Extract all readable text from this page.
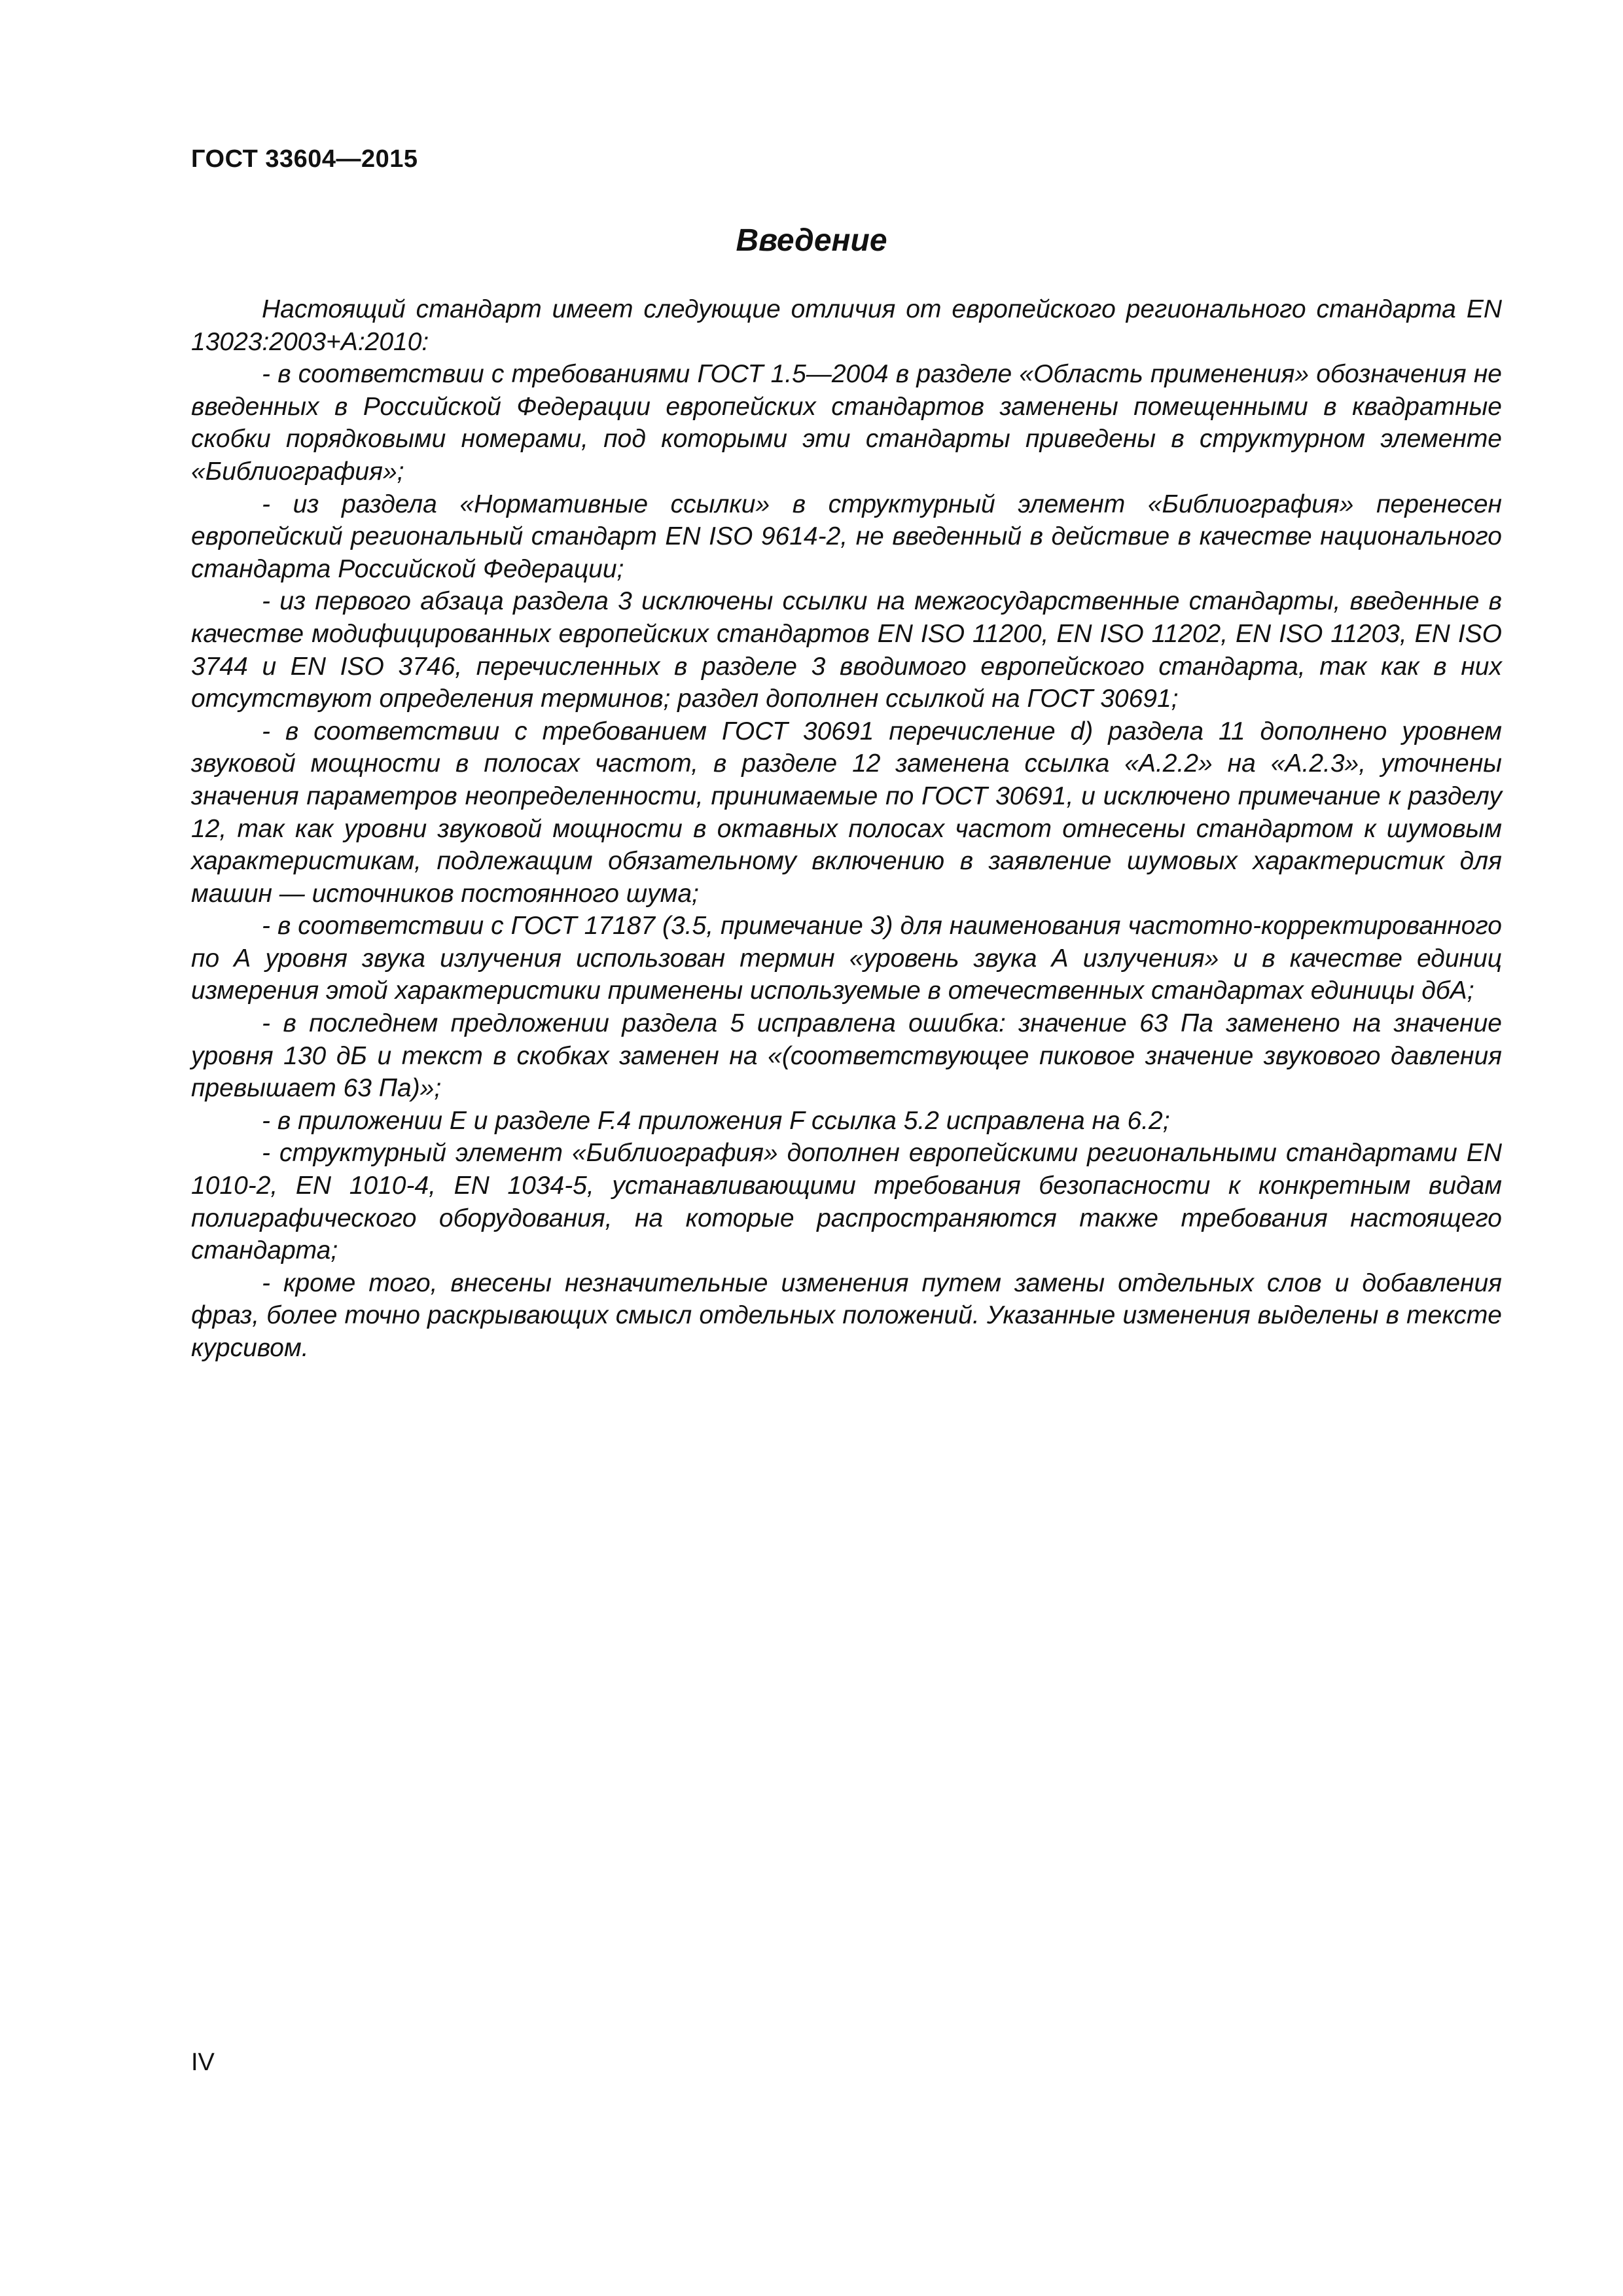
ГОСТ 33604—2015
Введение

Настоящий стандарт имеет следующие отличия от европейского регионального стандарта EN 13023:2003+A:2010:

- в соответствии с требованиями ГОСТ 1.5—2004 в разделе «Область применения» обозначения не введенных в Российской Федерации европейских стандартов заменены помещенными в квадратные скобки порядковыми номерами, под которыми эти стандарты приведены в структурном элементе «Библиография»;

- из раздела «Нормативные ссылки» в структурный элемент «Библиография» перенесен европейский региональный стандарт EN ISO 9614-2, не введенный в действие в качестве национального стандарта Российской Федерации;

- из первого абзаца раздела 3 исключены ссылки на межгосударственные стандарты, введенные в качестве модифицированных европейских стандартов EN ISO 11200, EN ISO 11202, EN ISO 11203, EN ISO 3744 и EN ISO 3746, перечисленных в разделе 3 вводимого европейского стандарта, так как в них отсутствуют определения терминов; раздел дополнен ссылкой на ГОСТ 30691;

- в соответствии с требованием ГОСТ 30691 перечисление d) раздела 11 дополнено уровнем звуковой мощности в полосах частот, в разделе 12 заменена ссылка «A.2.2» на «A.2.3», уточнены значения параметров неопределенности, принимаемые по ГОСТ 30691, и исключено примечание к разделу 12, так как уровни звуковой мощности в октавных полосах частот отнесены стандартом к шумовым характеристикам, подлежащим обязательному включению в заявление шумовых характеристик для машин — источников постоянного шума;

- в соответствии с ГОСТ 17187 (3.5, примечание 3) для наименования частотно-корректированного по А уровня звука излучения использован термин «уровень звука А излучения» и в качестве единиц измерения этой характеристики применены используемые в отечественных стандартах единицы дбА;

- в последнем предложении раздела 5 исправлена ошибка: значение 63 Па заменено на значение уровня 130 дБ и текст в скобках заменен на «(соответствующее пиковое значение звукового давления превышает 63 Па)»;

- в приложении E и разделе F.4 приложения F ссылка 5.2 исправлена на 6.2;

- структурный элемент «Библиография» дополнен европейскими региональными стандартами EN 1010-2, EN 1010-4, EN 1034-5, устанавливающими требования безопасности к конкретным видам полиграфического оборудования, на которые распространяются также требования настоящего стандарта;

- кроме того, внесены незначительные изменения путем замены отдельных слов и добавления фраз, более точно раскрывающих смысл отдельных положений. Указанные изменения выделены в тексте курсивом.

IV
